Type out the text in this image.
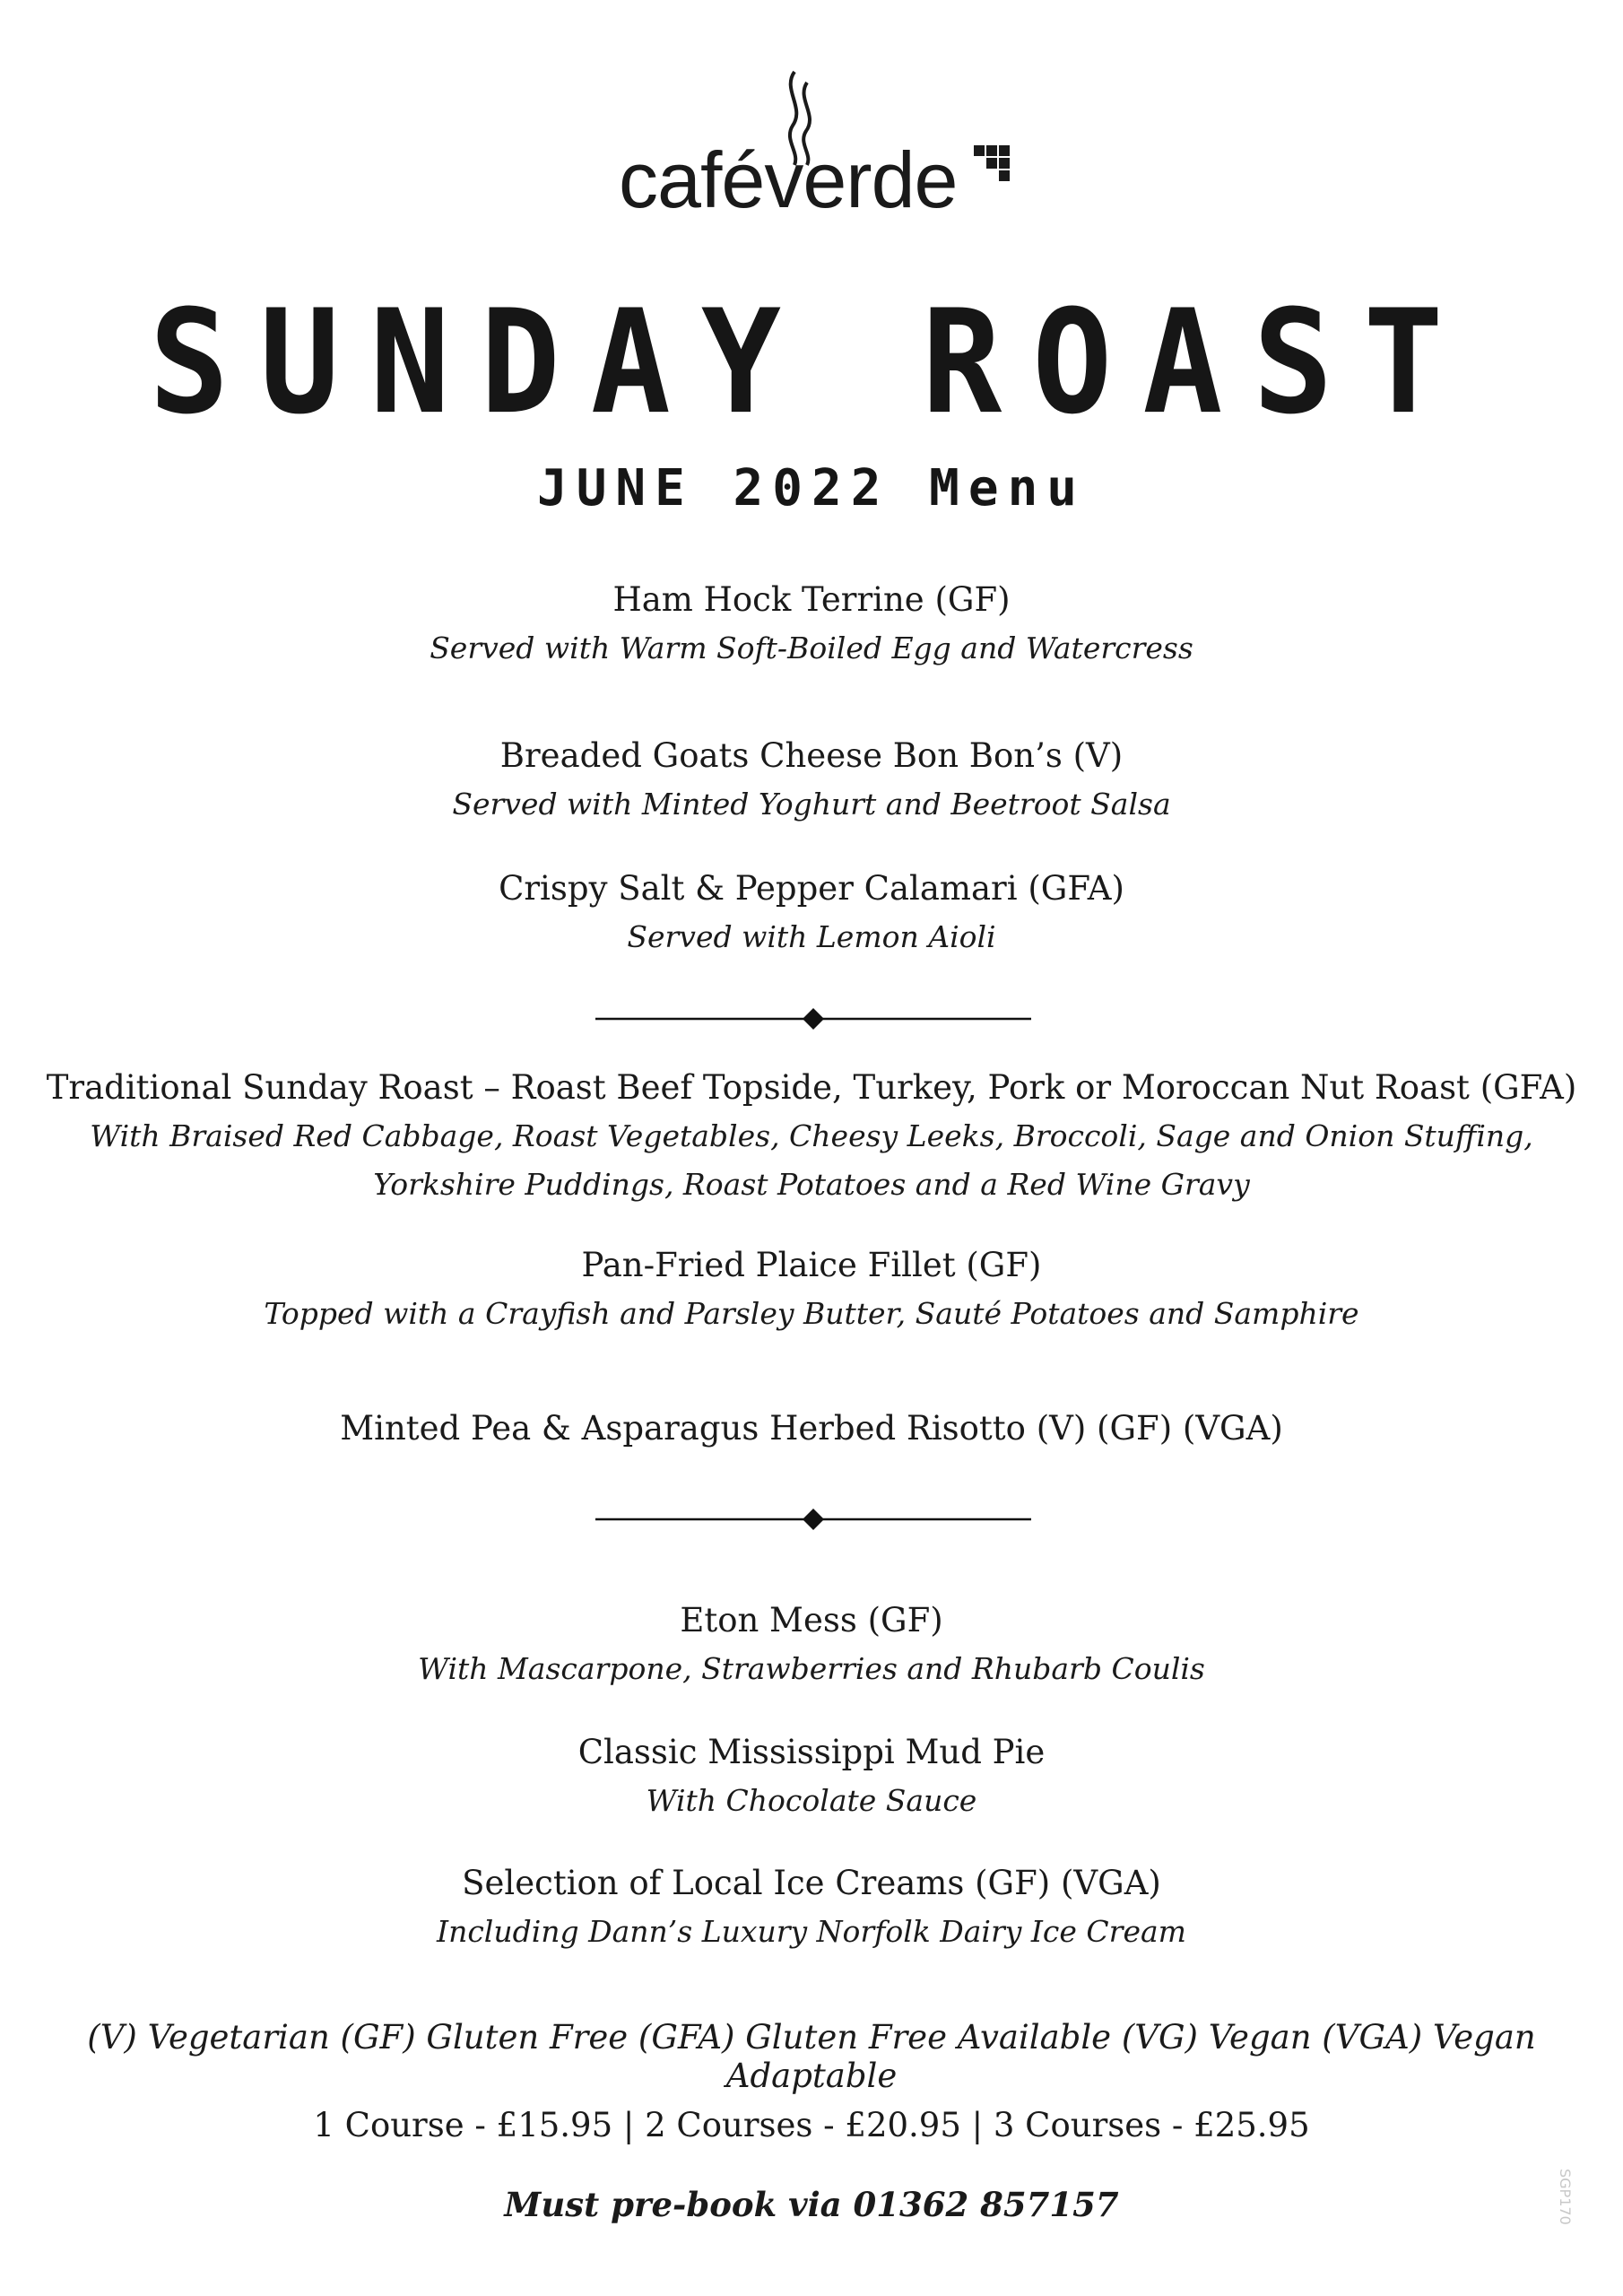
caféverde
SUNDAY ROAST
JUNE 2022 Menu
Ham Hock Terrine (GF)
Served with Warm Soft-Boiled Egg and Watercress
Breaded Goats Cheese Bon Bon’s (V)
Served with Minted Yoghurt and Beetroot Salsa
Crispy Salt & Pepper Calamari (GFA)
Served with Lemon Aioli
Traditional Sunday Roast – Roast Beef Topside, Turkey, Pork or Moroccan Nut Roast (GFA)
With Braised Red Cabbage, Roast Vegetables, Cheesy Leeks, Broccoli, Sage and Onion Stuffing,
Yorkshire Puddings, Roast Potatoes and a Red Wine Gravy
Pan-Fried Plaice Fillet (GF)
Topped with a Crayfish and Parsley Butter, Sauté Potatoes and Samphire
Minted Pea & Asparagus Herbed Risotto (V) (GF) (VGA)
Eton Mess (GF)
With Mascarpone, Strawberries and Rhubarb Coulis
Classic Mississippi Mud Pie
With Chocolate Sauce
Selection of Local Ice Creams (GF) (VGA)
Including Dann’s Luxury Norfolk Dairy Ice Cream
(V) Vegetarian (GF) Gluten Free (GFA) Gluten Free Available (VG) Vegan (VGA) Vegan Adaptable
1 Course - £15.95 | 2 Courses - £20.95 | 3 Courses - £25.95
Must pre-book via 01362 857157	SGP170
